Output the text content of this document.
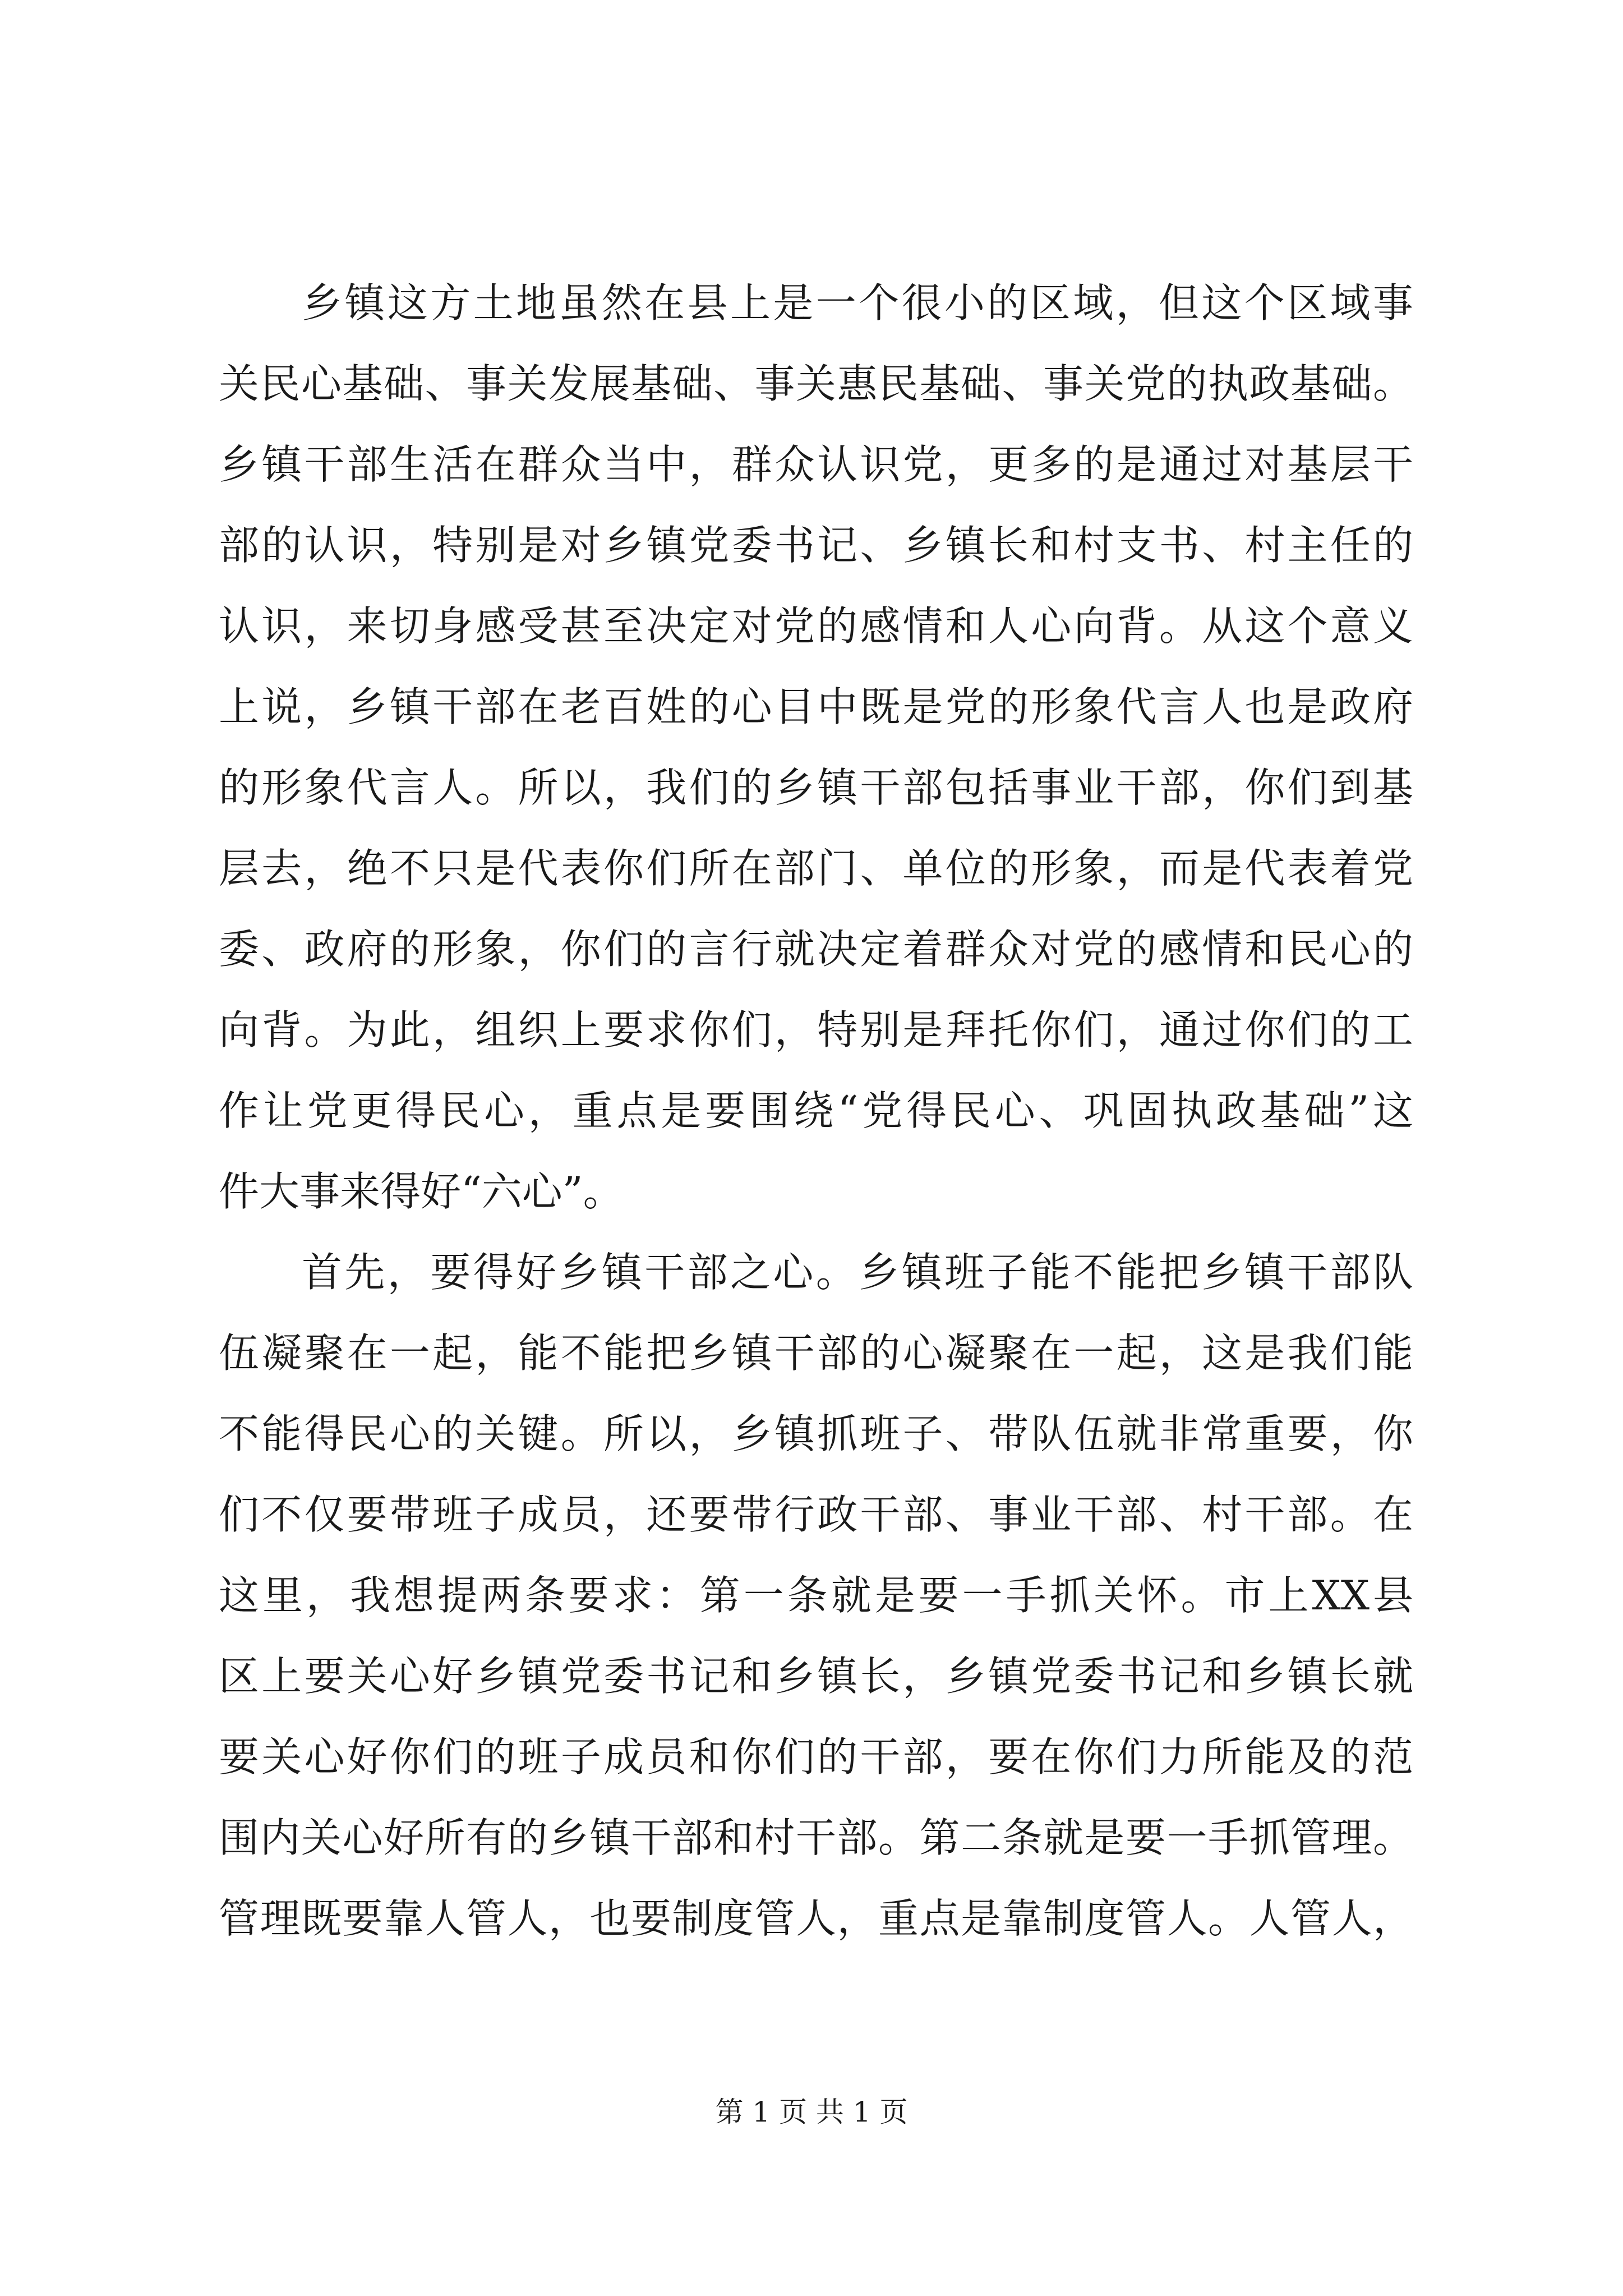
乡镇这方土地虽然在县上是一个很小的区域，但这个区域事
关民心基础、事关发展基础、事关惠民基础、事关党的执政基础。
乡镇干部生活在群众当中，群众认识党，更多的是通过对基层干
部的认识，特别是对乡镇党委书记、乡镇长和村支书、村主任的
认识，来切身感受甚至决定对党的感情和人心向背。从这个意义
上说，乡镇干部在老百姓的心目中既是党的形象代言人也是政府
的形象代言人。所以，我们的乡镇干部包括事业干部，你们到基
层去，绝不只是代表你们所在部门、单位的形象，而是代表着党
委、政府的形象，你们的言行就决定着群众对党的感情和民心的
向背。为此，组织上要求你们，特别是拜托你们，通过你们的工
作让党更得民心，重点是要围绕“党得民心、巩固执政基础”这
件大事来得好“六心”。
首先，要得好乡镇干部之心。乡镇班子能不能把乡镇干部队
伍凝聚在一起，能不能把乡镇干部的心凝聚在一起，这是我们能
不能得民心的关键。所以，乡镇抓班子、带队伍就非常重要，你
们不仅要带班子成员，还要带行政干部、事业干部、村干部。在
这里，我想提两条要求：第一条就是要一手抓关怀。市上XX县
区上要关心好乡镇党委书记和乡镇长，乡镇党委书记和乡镇长就
要关心好你们的班子成员和你们的干部，要在你们力所能及的范
围内关心好所有的乡镇干部和村干部。第二条就是要一手抓管理。
管理既要靠人管人，也要制度管人，重点是靠制度管人。人管人，
第 1 页 共 1 页
